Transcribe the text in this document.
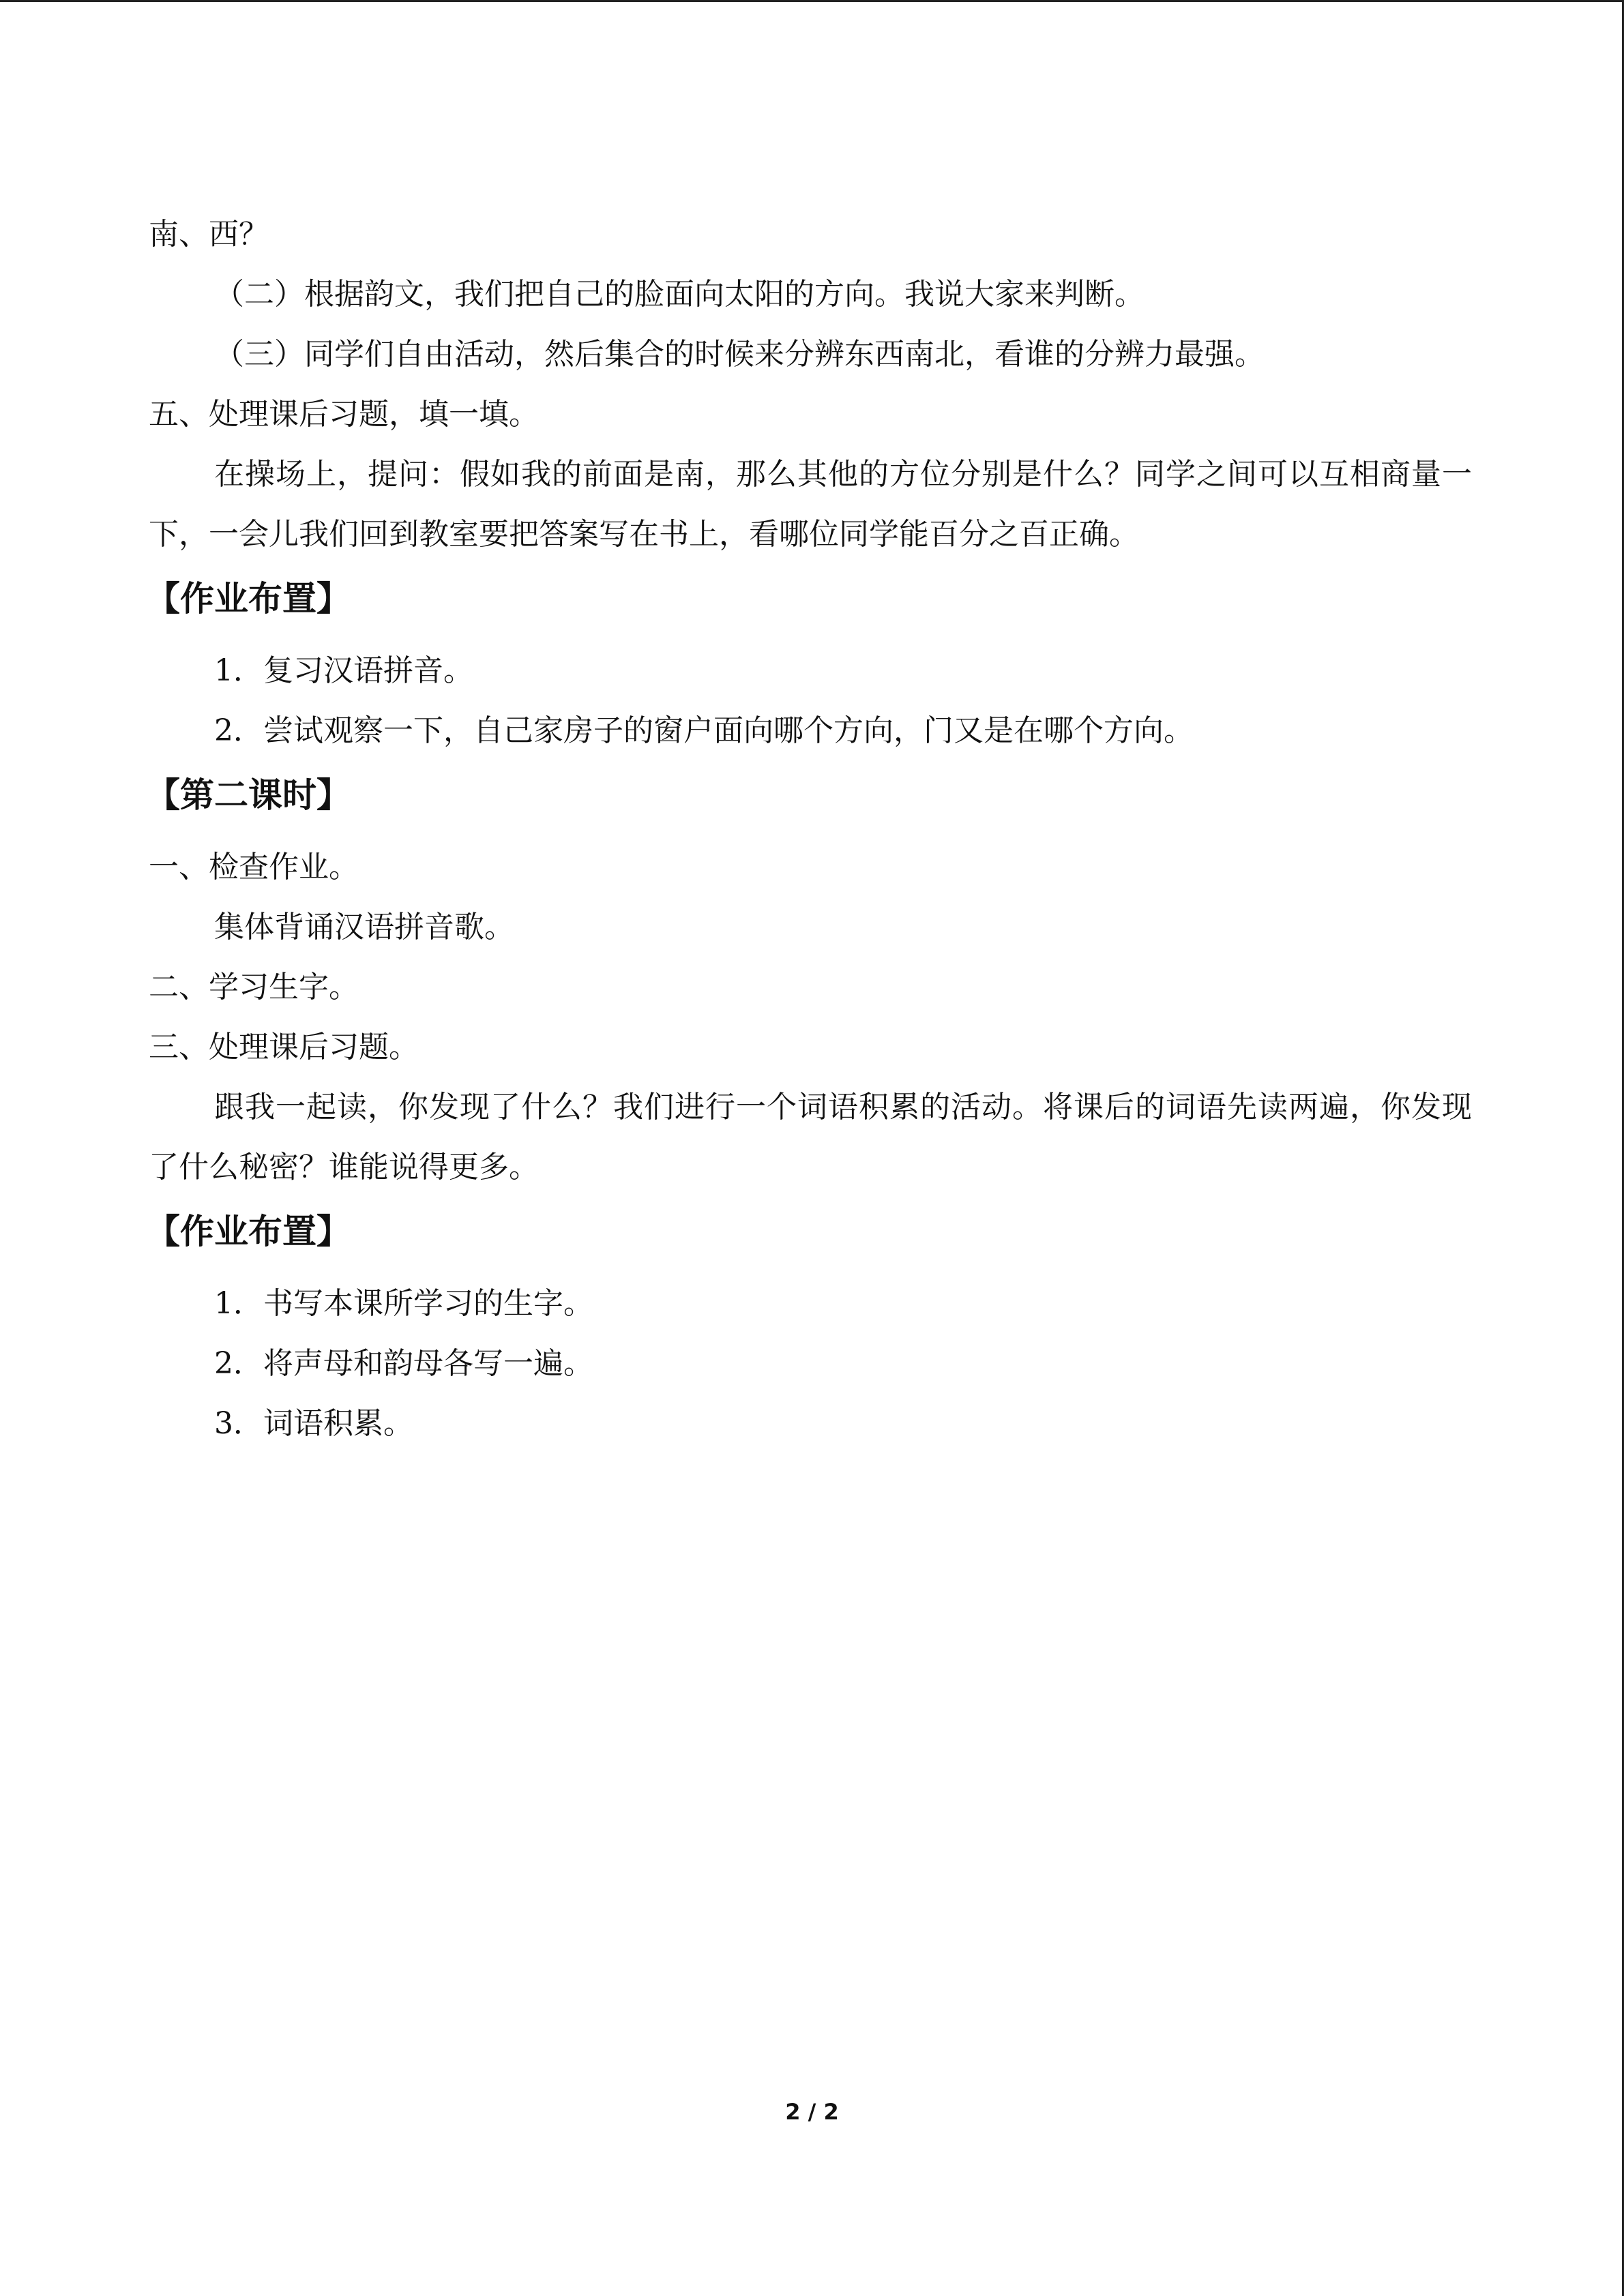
南、西？
（二）根据韵文，我们把自己的脸面向太阳的方向。我说大家来判断。
（三）同学们自由活动，然后集合的时候来分辨东西南北，看谁的分辨力最强。
五、处理课后习题，填一填。
在操场上，提问：假如我的前面是南，那么其他的方位分别是什么？同学之间可以互相商量一下，一会儿我们回到教室要把答案写在书上，看哪位同学能百分之百正确。
【作业布置】
1．复习汉语拼音。
2．尝试观察一下，自己家房子的窗户面向哪个方向，门又是在哪个方向。
【第二课时】
一、检查作业。
集体背诵汉语拼音歌。
二、学习生字。
三、处理课后习题。
跟我一起读，你发现了什么？我们进行一个词语积累的活动。将课后的词语先读两遍，你发现了什么秘密？谁能说得更多。
【作业布置】
1．书写本课所学习的生字。
2．将声母和韵母各写一遍。
3．词语积累。
2 / 2
